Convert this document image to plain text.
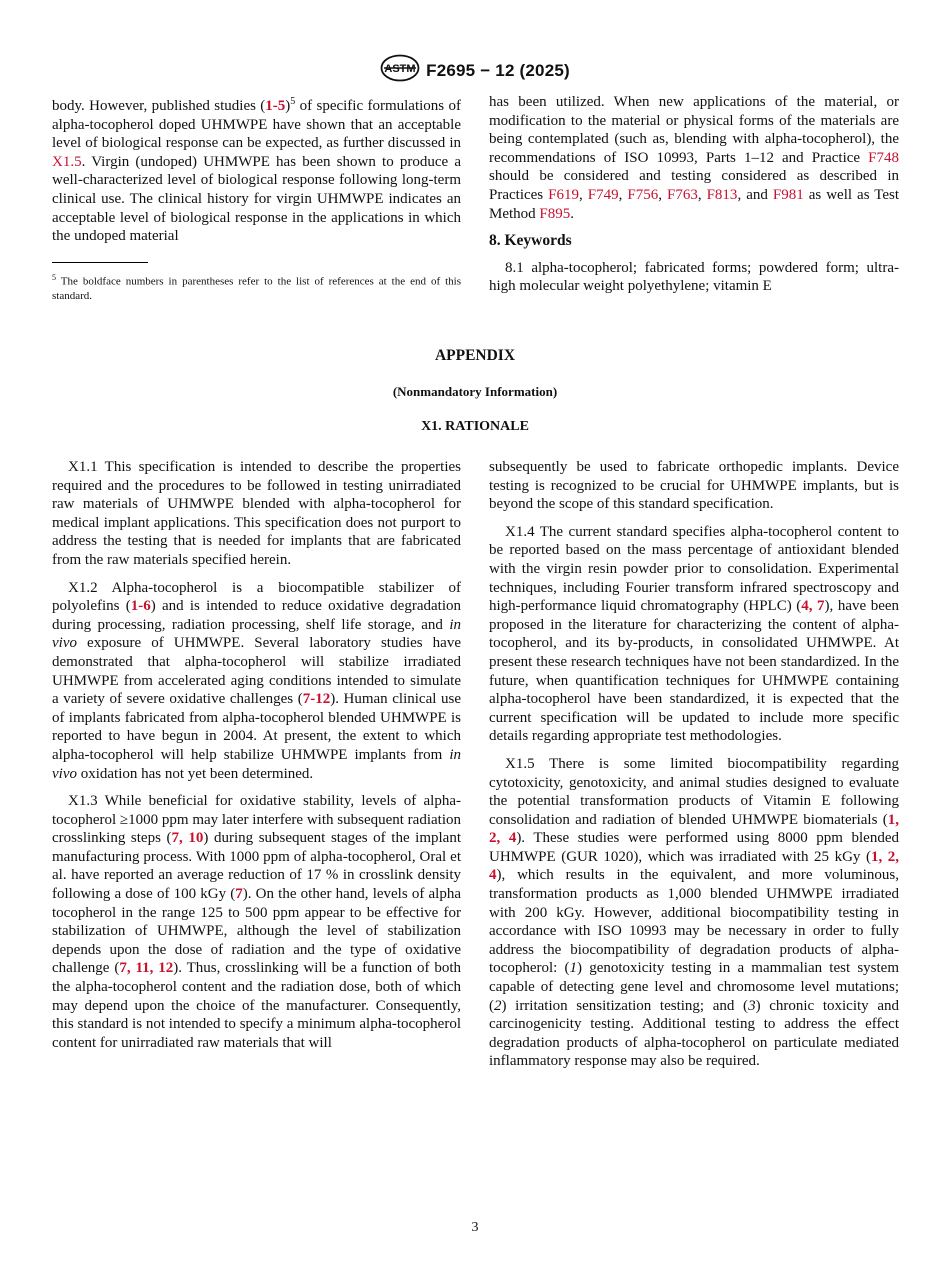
ASTM F2695 − 12 (2025)

body. However, published studies $(1-5)^5$ of specific formulations of alpha-tocopherol doped UHMWPE have shown that an acceptable level of biological response can be expected, as further discussed in X1.5. Virgin (undoped) UHMWPE has been shown to produce a well-characterized level of biological response following long-term clinical use. The clinical history for virgin UHMWPE indicates an acceptable level of biological response in the applications in which the undoped material

$^5$ The boldface numbers in parentheses refer to the list of references at the end of this standard.

has been utilized. When new applications of the material, or modification to the material or physical forms of the materials are being contemplated (such as, blending with alpha-tocopherol), the recommendations of ISO 10993, Parts 1–12 and Practice F748 should be considered and testing considered as described in Practices F619, F749, F756, F763, F813, and F981 as well as Test Method F895.

8. Keywords

8.1 alpha-tocopherol; fabricated forms; powdered form; ultra-high molecular weight polyethylene; vitamin E

APPENDIX
(Nonmandatory Information)
X1. RATIONALE

X1.1 This specification is intended to describe the properties required and the procedures to be followed in testing unirradiated raw materials of UHMWPE blended with alpha-tocopherol for medical implant applications. This specification does not purport to address the testing that is needed for implants that are fabricated from the raw materials specified herein.

X1.2 Alpha-tocopherol is a biocompatible stabilizer of polyolefins (1-6) and is intended to reduce oxidative degradation during processing, radiation processing, shelf life storage, and in vivo exposure of UHMWPE. Several laboratory studies have demonstrated that alpha-tocopherol will stabilize irradiated UHMWPE from accelerated aging conditions intended to simulate a variety of severe oxidative challenges (7-12). Human clinical use of implants fabricated from alpha-tocopherol blended UHMWPE is reported to have begun in 2004. At present, the extent to which alpha-tocopherol will help stabilize UHMWPE implants from in vivo oxidation has not yet been determined.

X1.3 While beneficial for oxidative stability, levels of alpha-tocopherol ≥1000 ppm may later interfere with subsequent radiation crosslinking steps (7, 10) during subsequent stages of the implant manufacturing process. With 1000 ppm of alpha-tocopherol, Oral et al. have reported an average reduction of 17 % in crosslink density following a dose of 100 kGy (7). On the other hand, levels of alpha tocopherol in the range 125 to 500 ppm appear to be effective for stabilization of UHMWPE, although the level of stabilization depends upon the dose of radiation and the type of oxidative challenge (7, 11, 12). Thus, crosslinking will be a function of both the alpha-tocopherol content and the radiation dose, both of which may depend upon the choice of the manufacturer. Consequently, this standard is not intended to specify a minimum alpha-tocopherol content for unirradiated raw materials that will

subsequently be used to fabricate orthopedic implants. Device testing is recognized to be crucial for UHMWPE implants, but is beyond the scope of this standard specification.

X1.4 The current standard specifies alpha-tocopherol content to be reported based on the mass percentage of antioxidant blended with the virgin resin powder prior to consolidation. Experimental techniques, including Fourier transform infrared spectroscopy and high-performance liquid chromatography (HPLC) (4, 7), have been proposed in the literature for characterizing the content of alpha-tocopherol, and its by-products, in consolidated UHMWPE. At present these research techniques have not been standardized. In the future, when quantification techniques for UHMWPE containing alpha-tocopherol have been standardized, it is expected that the current specification will be updated to include more specific details regarding appropriate test methodologies.

X1.5 There is some limited biocompatibility regarding cytotoxicity, genotoxicity, and animal studies designed to evaluate the potential transformation products of Vitamin E following consolidation and radiation of blended UHMWPE biomaterials (1, 2, 4). These studies were performed using 8000 ppm blended UHMWPE (GUR 1020), which was irradiated with 25 kGy (1, 2, 4), which results in the equivalent, and more voluminous, transformation products as 1,000 blended UHMWPE irradiated with 200 kGy. However, additional biocompatibility testing in accordance with ISO 10993 may be necessary in order to fully address the biocompatibility of degradation products of alpha-tocopherol: (1) genotoxicity testing in a mammalian test system capable of detecting gene level and chromosome level mutations; (2) irritation sensitization testing; and (3) chronic toxicity and carcinogenicity testing. Additional testing to address the effect degradation products of alpha-tocopherol on particulate mediated inflammatory response may also be required.

3
